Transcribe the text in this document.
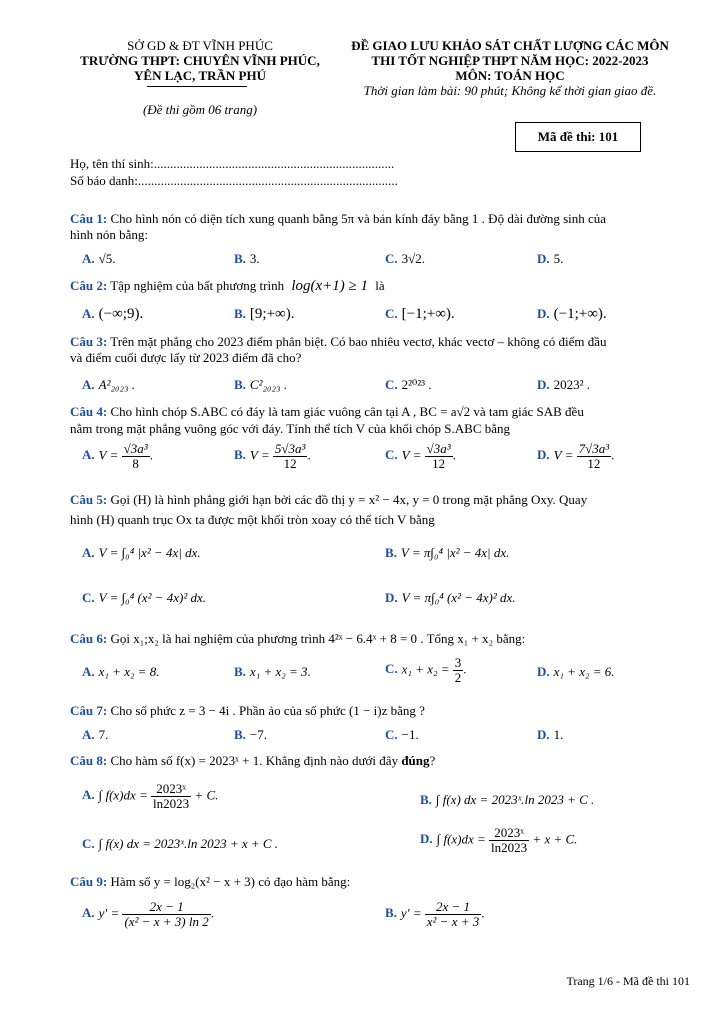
SỞ GD & ĐT VĨNH PHÚC
TRƯỜNG THPT: CHUYÊN VĨNH PHÚC,
YÊN LẠC, TRẦN PHÚ
(Đề thi gồm 06 trang)
ĐỀ GIAO LƯU KHẢO SÁT CHẤT LƯỢNG CÁC MÔN
THI TỐT NGHIỆP THPT NĂM HỌC: 2022-2023
MÔN: TOÁN HỌC
Thời gian làm bài: 90 phút; Không kể thời gian giao đề.
Mã đề thi: 101
Họ, tên thí sinh:..........................................................................
Số báo danh:................................................................................
Câu 1: Cho hình nón có diện tích xung quanh bằng 5π và bán kính đáy bằng 1 . Độ dài đường sinh của
hình nón bằng:
A. √5.	B. 3.	C. 3√2.	D. 5.
Câu 2: Tập nghiệm của bất phương trình log(x+1) ≥ 1 là
A. (−∞;9).	B. [9;+∞).	C. [−1;+∞).	D. (−1;+∞).
Câu 3: Trên mặt phẳng cho 2023 điểm phân biệt. Có bao nhiêu vectơ, khác vectơ – không có điểm đầu
và điểm cuối được lấy từ 2023 điểm đã cho?
A. A²₂₀₂₃ .	B. C²₂₀₂₃ .	C. 2²⁰²³ .	D. 2023² .
Câu 4: Cho hình chóp S.ABC có đáy là tam giác vuông cân tại A , BC = a√2 và tam giác SAB đều
nằm trong mặt phẳng vuông góc với đáy. Tính thể tích V của khối chóp S.ABC bằng
A. $V = \frac{\text{√3a³}}{8}$ .	B. $V = \frac{\text{5√3a³}}{12}$ .	C. $V = \frac{\text{√3a³}}{12}$ .	D. $V = \frac{\text{7√3a³}}{12}$ .
Câu 5: Gọi (H) là hình phẳng giới hạn bởi các đồ thị y = x² − 4x, y = 0 trong mặt phẳng Oxy. Quay
hình (H) quanh trục Ox ta được một khối tròn xoay có thể tích V bằng
A. V = ∫₀⁴ |x² − 4x| dx.	B. V = π∫₀⁴ |x² − 4x| dx.
C. V = ∫₀⁴ (x² − 4x)² dx.	D. V = π∫₀⁴ (x² − 4x)² dx.
Câu 6: Gọi x₁;x₂ là hai nghiệm của phương trình 4²ˣ − 6.4ˣ + 8 = 0 . Tổng x₁ + x₂ bằng:
A. x₁ + x₂ = 8.	B. x₁ + x₂ = 3.	C. $x_1 + x_2 = \frac{3}{2}$ .	D. x₁ + x₂ = 6.
Câu 7: Cho số phức z = 3 − 4i . Phần ảo của số phức (1 − i)z bằng ?
A. 7.	B. −7.	C. −1.	D. 1.
Câu 8: Cho hàm số f(x) = 2023ˣ + 1. Khẳng định nào dưới đây đúng?
A. ∫ $f(x)dx = \frac{\text{2023ˣ}}{\ln 2023} + C$.	B. ∫ f(x) dx = 2023ˣ.ln 2023 + C .
C. ∫ f(x) dx = 2023ˣ.ln 2023 + x + C .	D. ∫ $f(x)dx = \frac{\text{2023ˣ}}{\ln 2023} + x + C$.
Câu 9: Hàm số y = log₂(x² − x + 3) có đạo hàm bằng:
A. $y' = \frac{2x - 1}{\text{(x² − x + 3) ln 2}}$ .	B. $y' = \frac{2x - 1}{\text{x² − x + 3}}$ .
Trang 1/6 - Mã đề thi 101
